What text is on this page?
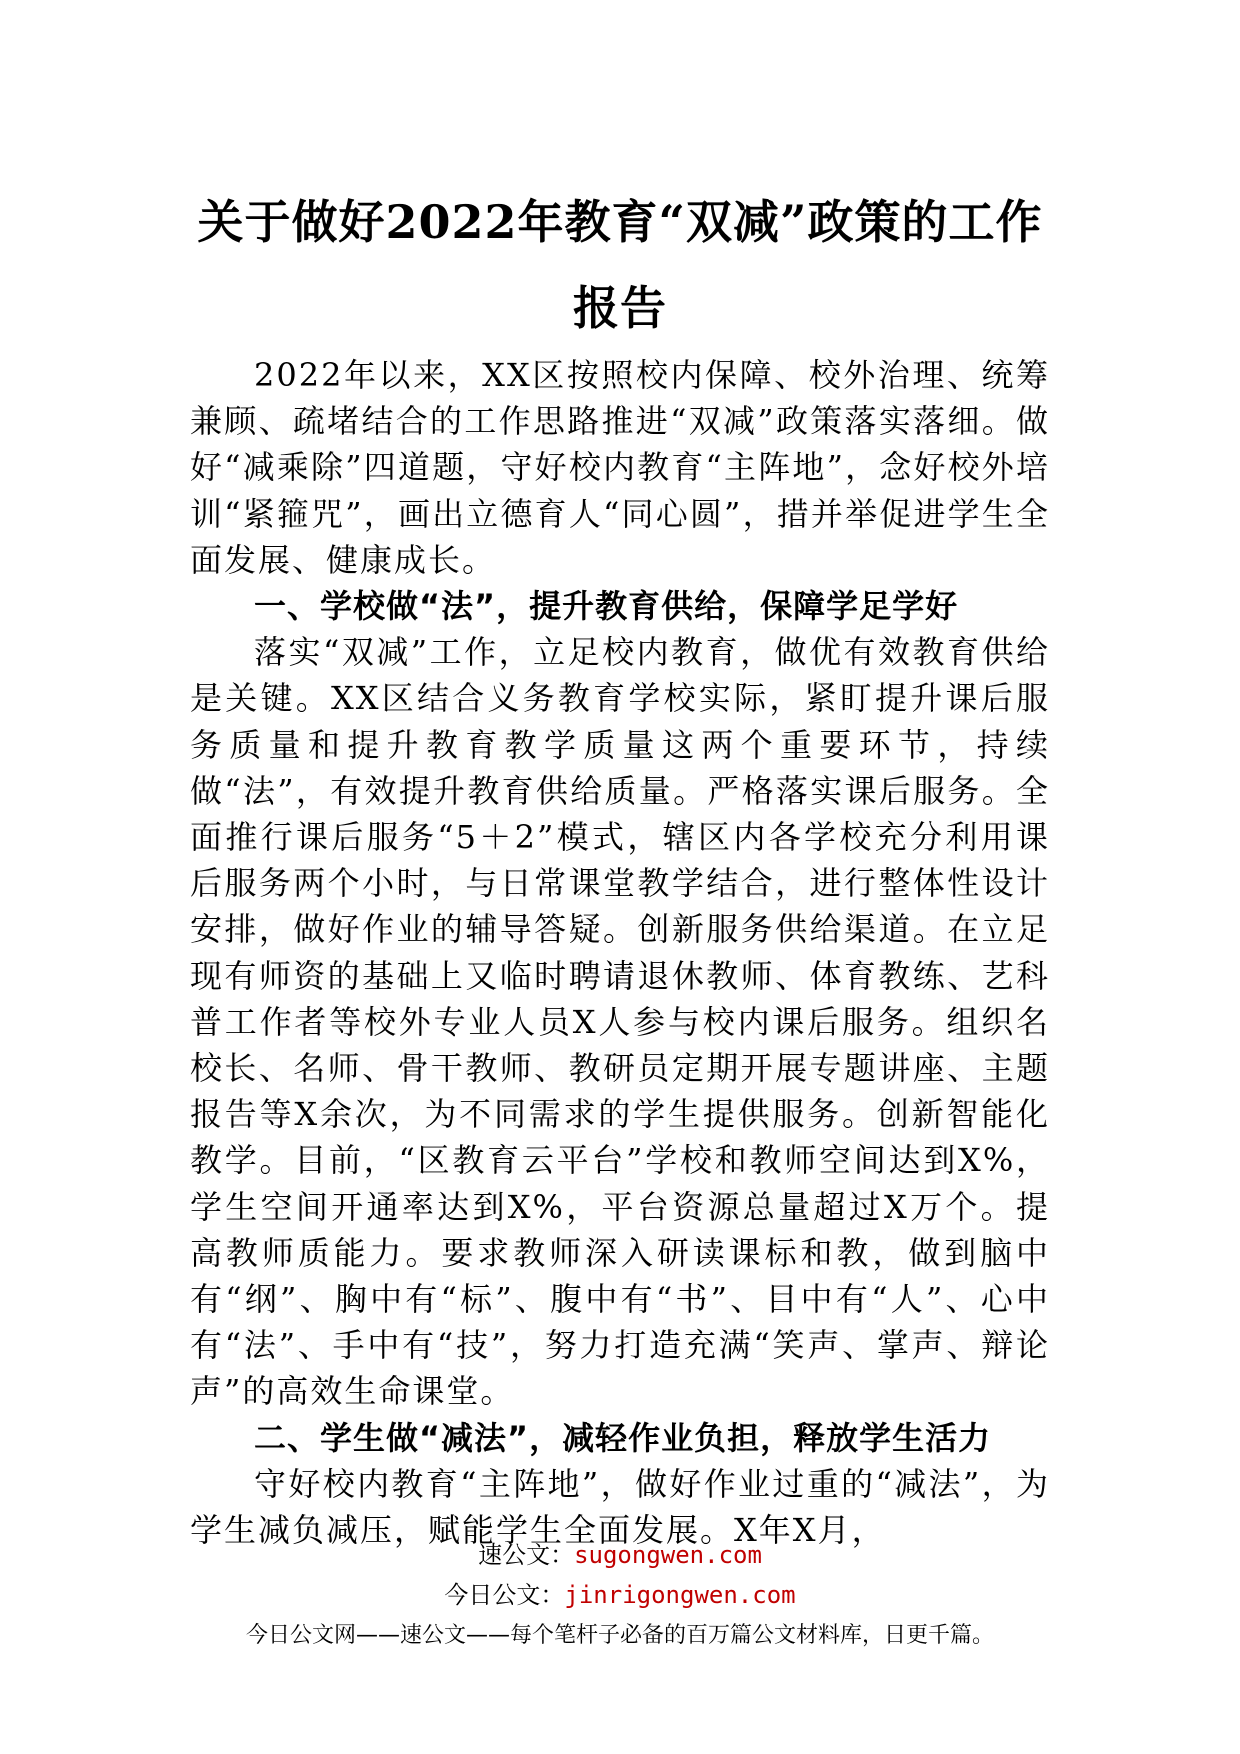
关于做好2022年教育“双减”政策的工作
报告

2022年以来，XX区按照校内保障、校外治理、统筹兼顾、疏堵结合的工作思路推进“双减”政策落实落细。做好“减乘除”四道题，守好校内教育“主阵地”，念好校外培训“紧箍咒”，画出立德育人“同心圆”，措并举促进学生全面发展、健康成长。

一、学校做“法”，提升教育供给，保障学足学好

落实“双减”工作，立足校内教育，做优有效教育供给是关键。XX区结合义务教育学校实际，紧盯提升课后服务质量和提升教育教学质量这两个重要环节，持续做“法”，有效提升教育供给质量。严格落实课后服务。全面推行课后服务“5＋2”模式，辖区内各学校充分利用课后服务两个小时，与日常课堂教学结合，进行整体性设计安排，做好作业的辅导答疑。创新服务供给渠道。在立足现有师资的基础上又临时聘请退休教师、体育教练、艺科普工作者等校外专业人员X人参与校内课后服务。组织名校长、名师、骨干教师、教研员定期开展专题讲座、主题报告等X余次，为不同需求的学生提供服务。创新智能化教学。目前，“区教育云平台”学校和教师空间达到X%，学生空间开通率达到X%，平台资源总量超过X万个。提高教师质能力。要求教师深入研读课标和教，做到脑中有“纲”、胸中有“标”、腹中有“书”、目中有“人”、心中有“法”、手中有“技”，努力打造充满“笑声、掌声、辩论声”的高效生命课堂。

二、学生做“减法”，减轻作业负担，释放学生活力

守好校内教育“主阵地”，做好作业过重的“减法”，为学生减负减压，赋能学生全面发展。X年X月，

速公文：sugongwen.com
今日公文：jinrigongwen.com
今日公文网——速公文——每个笔杆子必备的百万篇公文材料库，日更千篇。
